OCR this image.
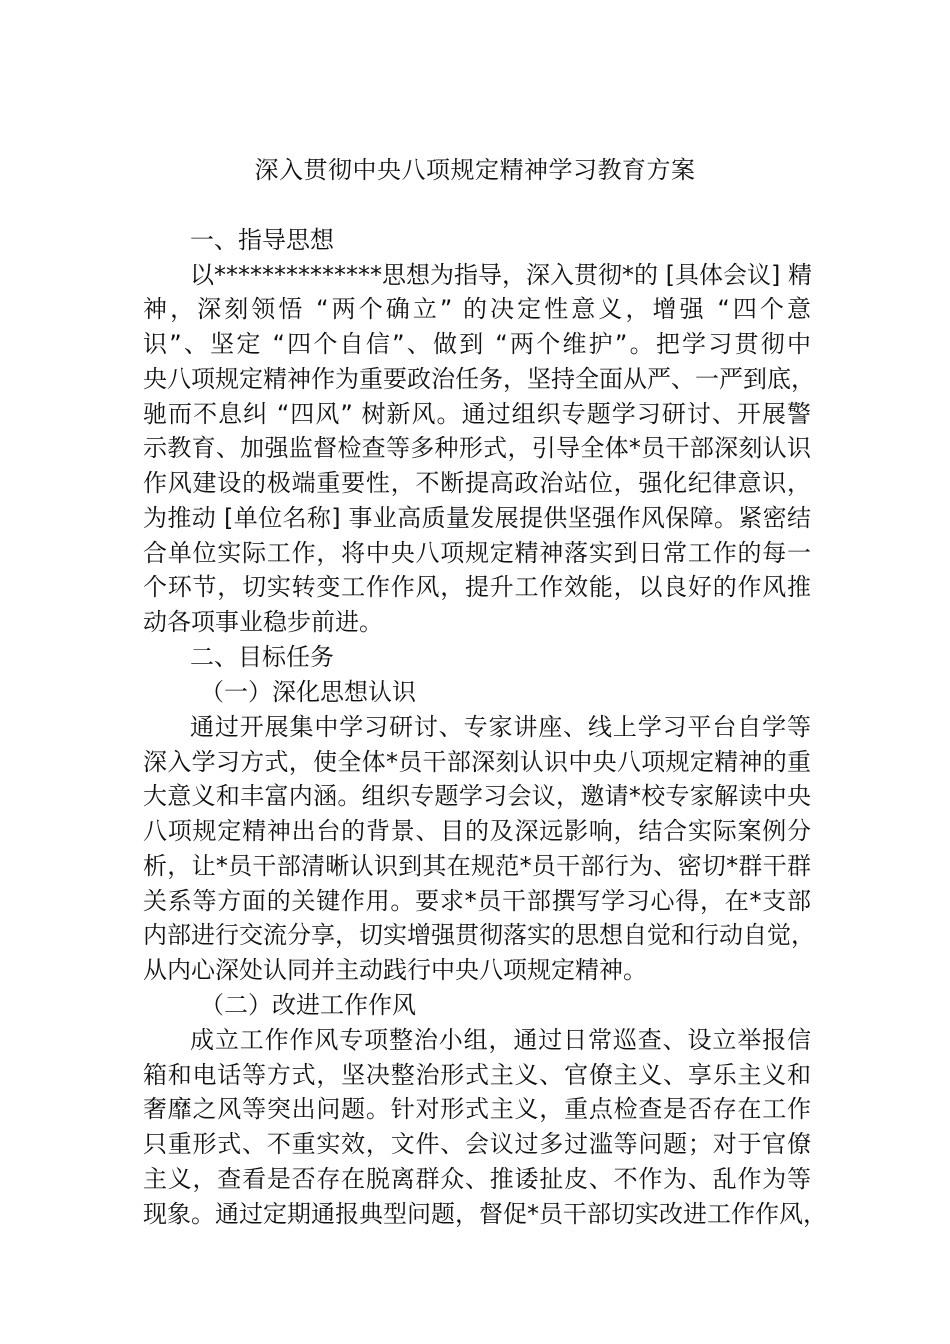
深入贯彻中央八项规定精神学习教育方案
一、指导思想
以**************思想为指导，深入贯彻*的 [具体会议] 精
神，深刻领悟 “两个确立” 的决定性意义，增强 “四个意
识”、坚定 “四个自信”、做到 “两个维护”。把学习贯彻中
央八项规定精神作为重要政治任务，坚持全面从严、一严到底，
驰而不息纠 “四风” 树新风。通过组织专题学习研讨、开展警
示教育、加强监督检查等多种形式，引导全体*员干部深刻认识
作风建设的极端重要性，不断提高政治站位，强化纪律意识，
为推动 [单位名称] 事业高质量发展提供坚强作风保障。紧密结
合单位实际工作，将中央八项规定精神落实到日常工作的每一
个环节，切实转变工作作风，提升工作效能，以良好的作风推
动各项事业稳步前进。
二、目标任务
（一）深化思想认识
通过开展集中学习研讨、专家讲座、线上学习平台自学等
深入学习方式，使全体*员干部深刻认识中央八项规定精神的重
大意义和丰富内涵。组织专题学习会议，邀请*校专家解读中央
八项规定精神出台的背景、目的及深远影响，结合实际案例分
析，让*员干部清晰认识到其在规范*员干部行为、密切*群干群
关系等方面的关键作用。要求*员干部撰写学习心得，在*支部
内部进行交流分享，切实增强贯彻落实的思想自觉和行动自觉，
从内心深处认同并主动践行中央八项规定精神。
（二）改进工作作风
成立工作作风专项整治小组，通过日常巡查、设立举报信
箱和电话等方式，坚决整治形式主义、官僚主义、享乐主义和
奢靡之风等突出问题。针对形式主义，重点检查是否存在工作
只重形式、不重实效，文件、会议过多过滥等问题；对于官僚
主义，查看是否存在脱离群众、推诿扯皮、不作为、乱作为等
现象。通过定期通报典型问题，督促*员干部切实改进工作作风，
